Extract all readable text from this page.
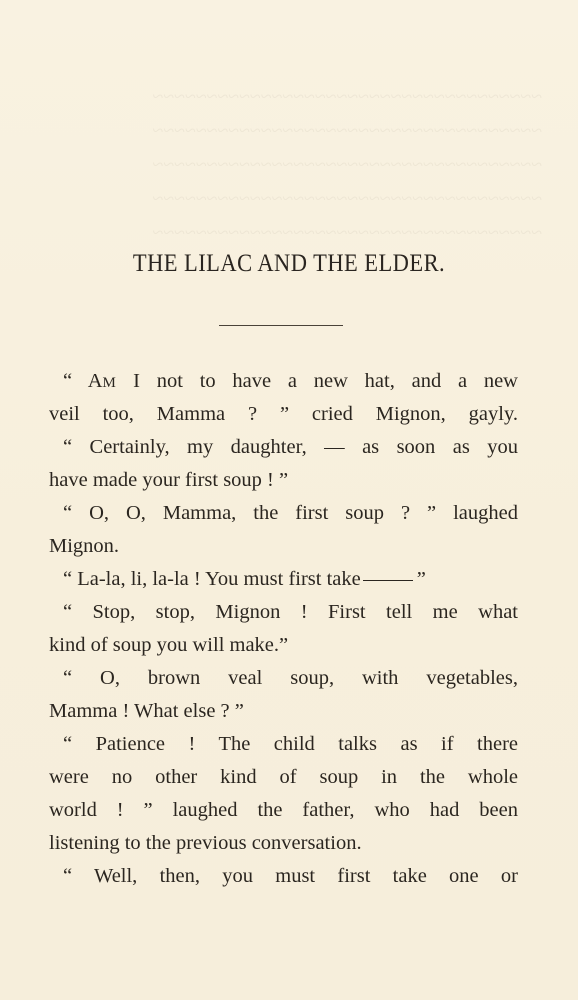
~~~~~~~~~~~~~~~~~~~~~~~~~~~~~~~~~~~~
~~~~~~~~~~~~~~~~~~~~~~~~~~~~~~~~~~~~
~~~~~~~~~~~~~~~~~~~~~~~~~~~~~~~~~~~~
~~~~~~~~~~~~~~~~~~~~~~~~~~~~~~~~~~~~
~~~~~~~~~~~~~~~~~~~~~~~~~~~~~~~~~~~~
THE LILAC AND THE ELDER.
“ AM I not to have a new hat, and a new
veil too, Mamma ? ” cried Mignon, gayly.
“ Certainly, my daughter, — as soon as you
have made your first soup ! ”
“ O, O, Mamma, the first soup ? ” laughed
Mignon.
“ La-la, li, la-la ! You must first take	”
“ Stop, stop, Mignon ! First tell me what
kind of soup you will make.”
“ O, brown veal soup, with vegetables,
Mamma ! What else ? ”
“ Patience ! The child talks as if there
were no other kind of soup in the whole
world ! ” laughed the father, who had been
listening to the previous conversation.
“ Well, then, you must first take one or
